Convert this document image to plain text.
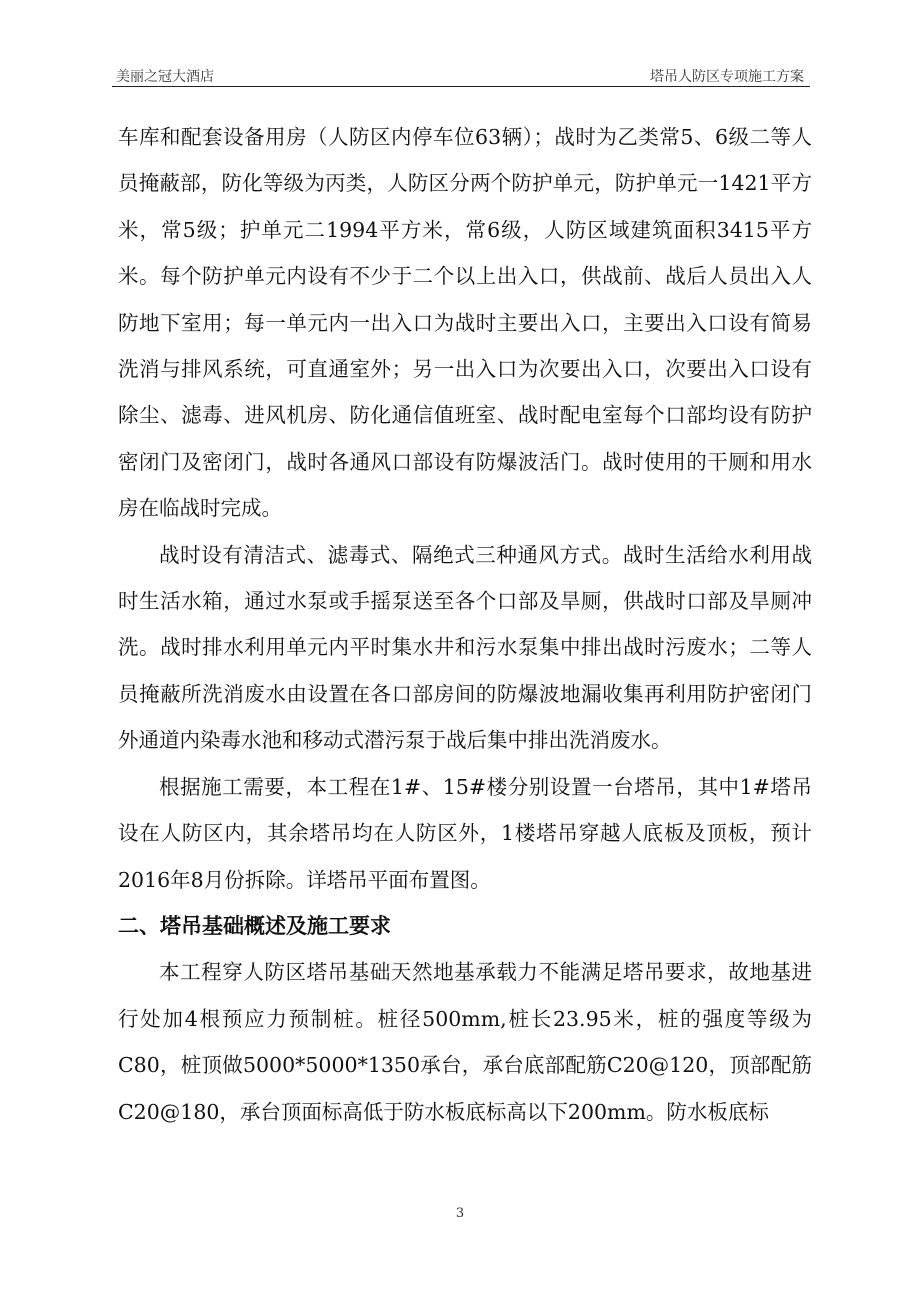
美丽之冠大酒店	塔吊人防区专项施工方案

车库和配套设备用房（人防区内停车位63辆）；战时为乙类常5、6级二等人员掩蔽部，防化等级为丙类，人防区分两个防护单元，防护单元一1421平方米，常5级；护单元二1994平方米，常6级，人防区域建筑面积3415平方米。每个防护单元内设有不少于二个以上出入口，供战前、战后人员出入人防地下室用；每一单元内一出入口为战时主要出入口，主要出入口设有简易洗消与排风系统，可直通室外；另一出入口为次要出入口，次要出入口设有除尘、滤毒、进风机房、防化通信值班室、战时配电室每个口部均设有防护密闭门及密闭门，战时各通风口部设有防爆波活门。战时使用的干厕和用水房在临战时完成。

战时设有清洁式、滤毒式、隔绝式三种通风方式。战时生活给水利用战时生活水箱，通过水泵或手摇泵送至各个口部及旱厕，供战时口部及旱厕冲洗。战时排水利用单元内平时集水井和污水泵集中排出战时污废水；二等人员掩蔽所洗消废水由设置在各口部房间的防爆波地漏收集再利用防护密闭门外通道内染毒水池和移动式潜污泵于战后集中排出洗消废水。

根据施工需要，本工程在1#、15#楼分别设置一台塔吊，其中1#塔吊设在人防区内，其余塔吊均在人防区外，1楼塔吊穿越人底板及顶板，预计2016年8月份拆除。详塔吊平面布置图。

二、塔吊基础概述及施工要求

本工程穿人防区塔吊基础天然地基承载力不能满足塔吊要求，故地基进行处加4根预应力预制桩。桩径500mm,桩长23.95米，桩的强度等级为C80，桩顶做5000*5000*1350承台，承台底部配筋C20@120，顶部配筋C20@180，承台顶面标高低于防水板底标高以下200mm。防水板底标

3
